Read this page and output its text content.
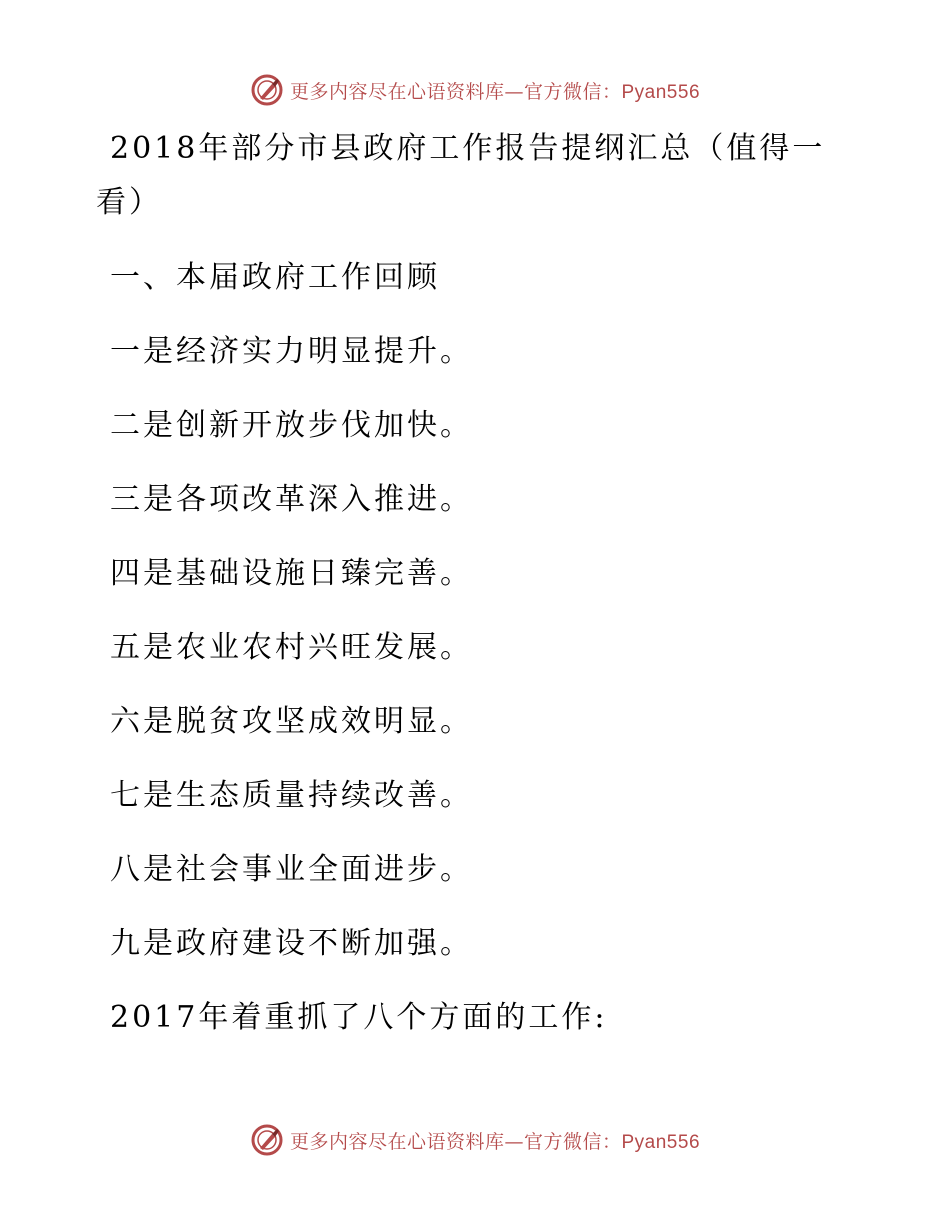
更多内容尽在心语资料库—官方微信：Pyan556
2018年部分市县政府工作报告提纲汇总（值得一看）

一、本届政府工作回顾

一是经济实力明显提升。

二是创新开放步伐加快。

三是各项改革深入推进。

四是基础设施日臻完善。

五是农业农村兴旺发展。

六是脱贫攻坚成效明显。

七是生态质量持续改善。

八是社会事业全面进步。

九是政府建设不断加强。

2017年着重抓了八个方面的工作:

更多内容尽在心语资料库—官方微信：Pyan556
